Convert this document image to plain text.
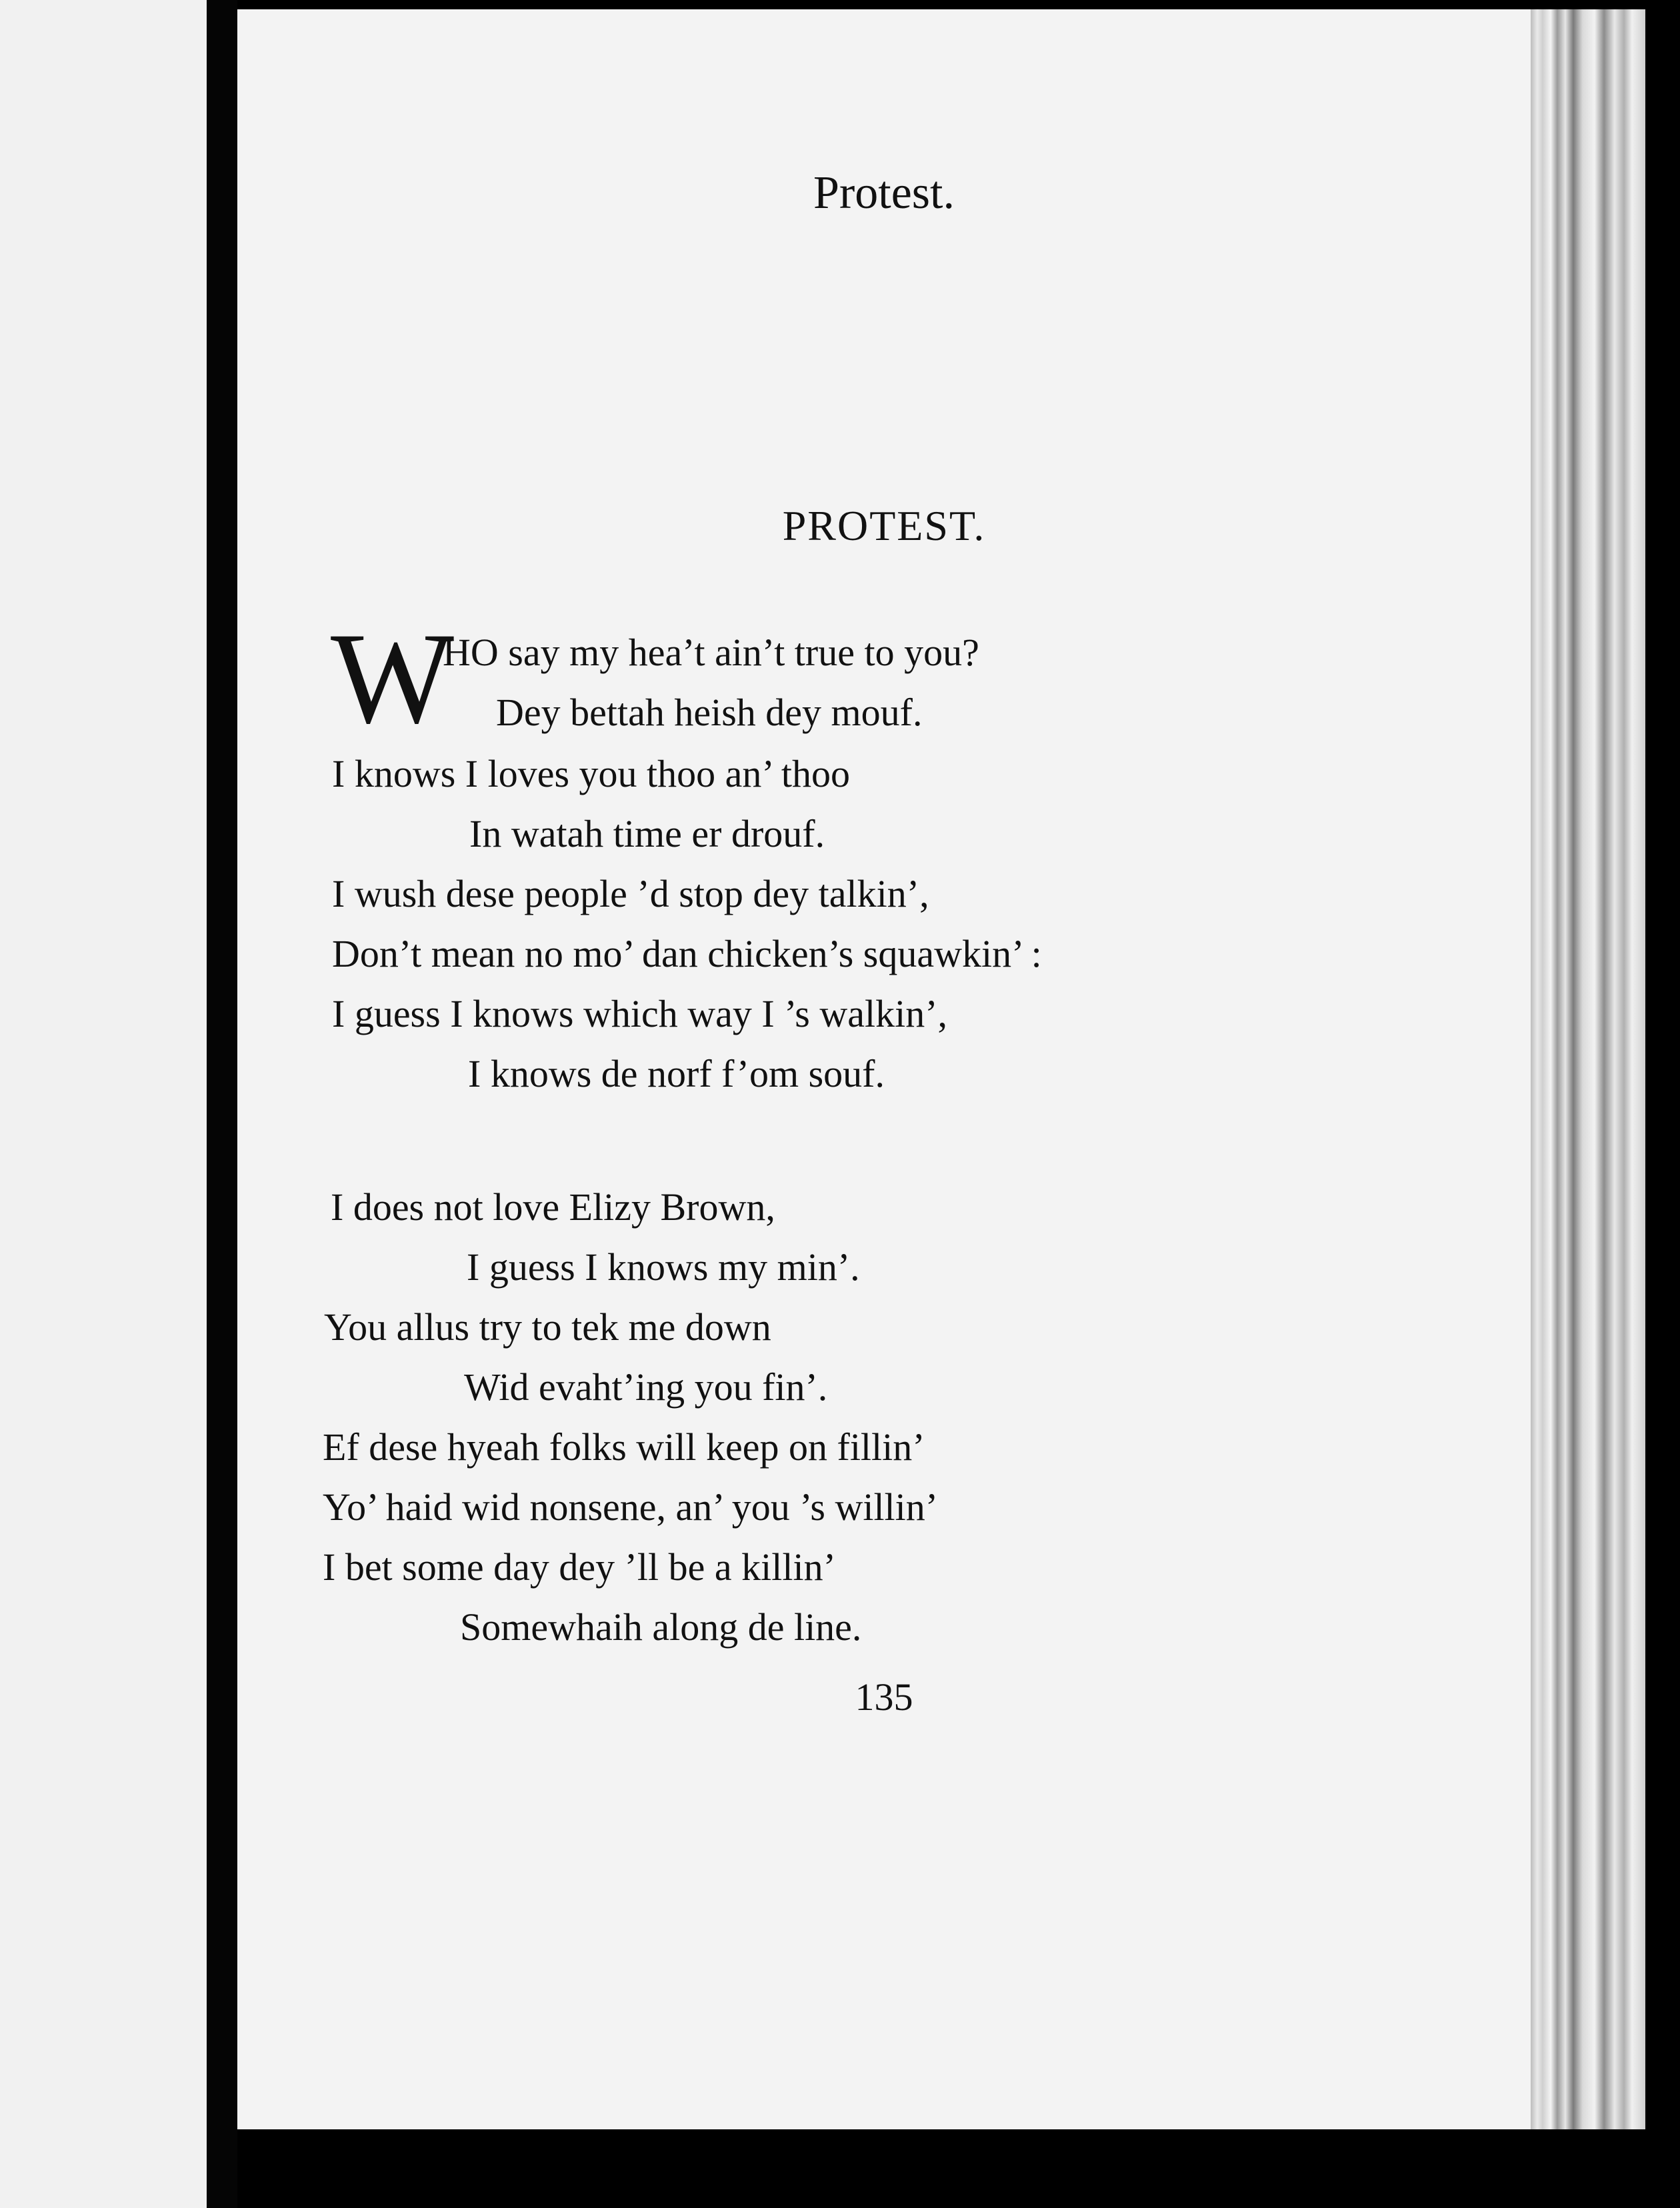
Protest.
PROTEST.
W
HO say my hea’t ain’t true to you?
Dey bettah heish dey mouf.
I knows I loves you thoo an’ thoo
In watah time er drouf.
I wush dese people ’d stop dey talkin’,
Don’t mean no mo’ dan chicken’s squawkin’ :
I guess I knows which way I ’s walkin’,
I knows de norf f’om souf.
I does not love Elizy Brown,
I guess I knows my min’.
You allus try to tek me down
Wid evaht’ing you fin’.
Ef dese hyeah folks will keep on fillin’
Yo’ haid wid nonsene, an’ you ’s willin’
I bet some day dey ’ll be a killin’
Somewhaih along de line.
135
